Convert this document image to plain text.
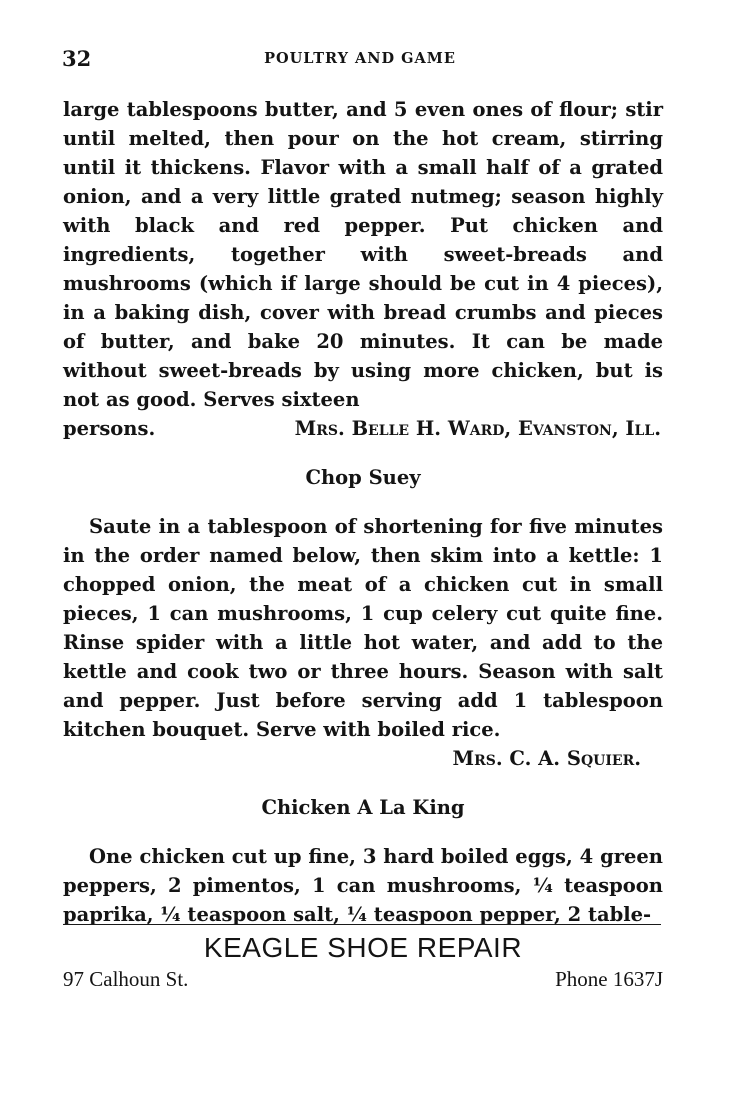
32	POULTRY AND GAME

large tablespoons butter, and 5 even ones of flour; stir until melted, then pour on the hot cream, stirring until it thickens. Flavor with a small half of a grated onion, and a very little grated nutmeg; season highly with black and red pepper. Put chicken and ingredients, together with sweet-breads and mushrooms (which if large should be cut in 4 pieces), in a baking dish, cover with bread crumbs and pieces of butter, and bake 20 minutes. It can be made without sweet-breads by using more chicken, but is not as good. Serves sixteen

persons.	Mrs. Belle H. Ward, Evanston, Ill.
Chop Suey

Saute in a tablespoon of shortening for five minutes in the order named below, then skim into a kettle: 1 chopped onion, the meat of a chicken cut in small pieces, 1 can mushrooms, 1 cup celery cut quite fine. Rinse spider with a little hot water, and add to the kettle and cook two or three hours. Season with salt and pepper. Just before serving add 1 tablespoon kitchen bouquet. Serve with boiled rice.

Mrs. C. A. Squier.
Chicken A La King

One chicken cut up fine, 3 hard boiled eggs, 4 green peppers, 2 pimentos, 1 can mushrooms, ¼ teaspoon paprika, ¼ teaspoon salt, ¼ teaspoon pepper, 2 table-

KEAGLE SHOE REPAIR
97 Calhoun St.	Phone 1637J
